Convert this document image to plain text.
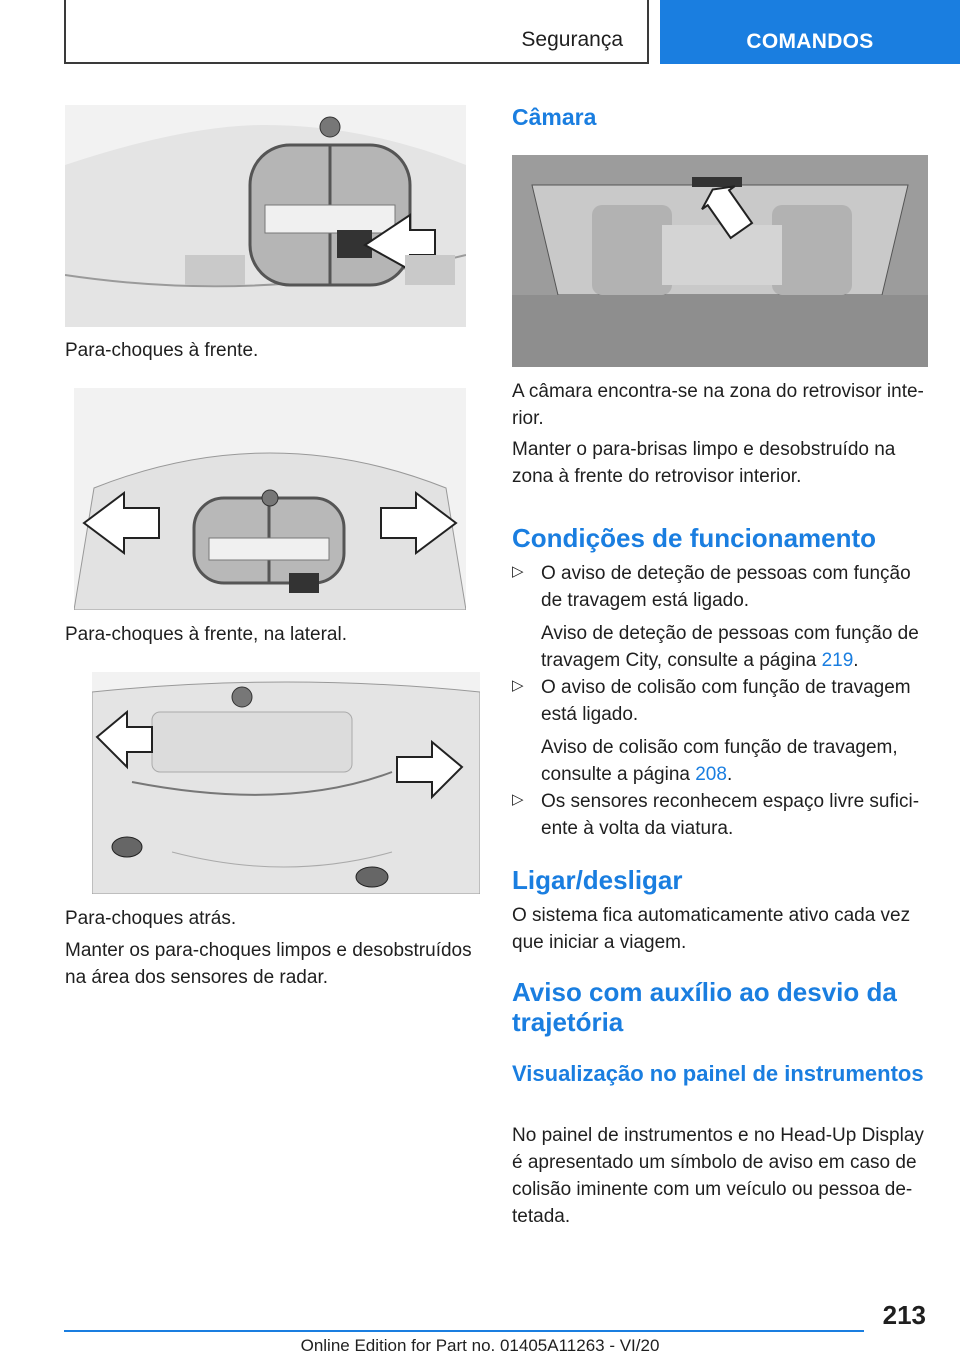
Segurança	COMANDOS
Para-choques à frente.
Para-choques à frente, na lateral.
Para-choques atrás.

Manter os para-choques limpos e desobstruídos na área dos sensores de radar.

Câmara

A câmara encontra-se na zona do retrovisor inte-rior.

Manter o para-brisas limpo e desobstruído na zona à frente do retrovisor interior.

Condições de funcionamento
▷ O aviso de deteção de pessoas com função de travagem está ligado.
Aviso de deteção de pessoas com função de travagem City, consulte a página 219.
▷ O aviso de colisão com função de travagem está ligado.
Aviso de colisão com função de travagem, consulte a página 208.
▷ Os sensores reconhecem espaço livre sufici-ente à volta da viatura.
Ligar/desligar

O sistema fica automaticamente ativo cada vez que iniciar a viagem.

Aviso com auxílio ao desvio da trajetória
Visualização no painel de instrumentos

No painel de instrumentos e no Head-Up Display é apresentado um símbolo de aviso em caso de colisão iminente com um veículo ou pessoa de-tetada.

213
Online Edition for Part no. 01405A11263 - VI/20
